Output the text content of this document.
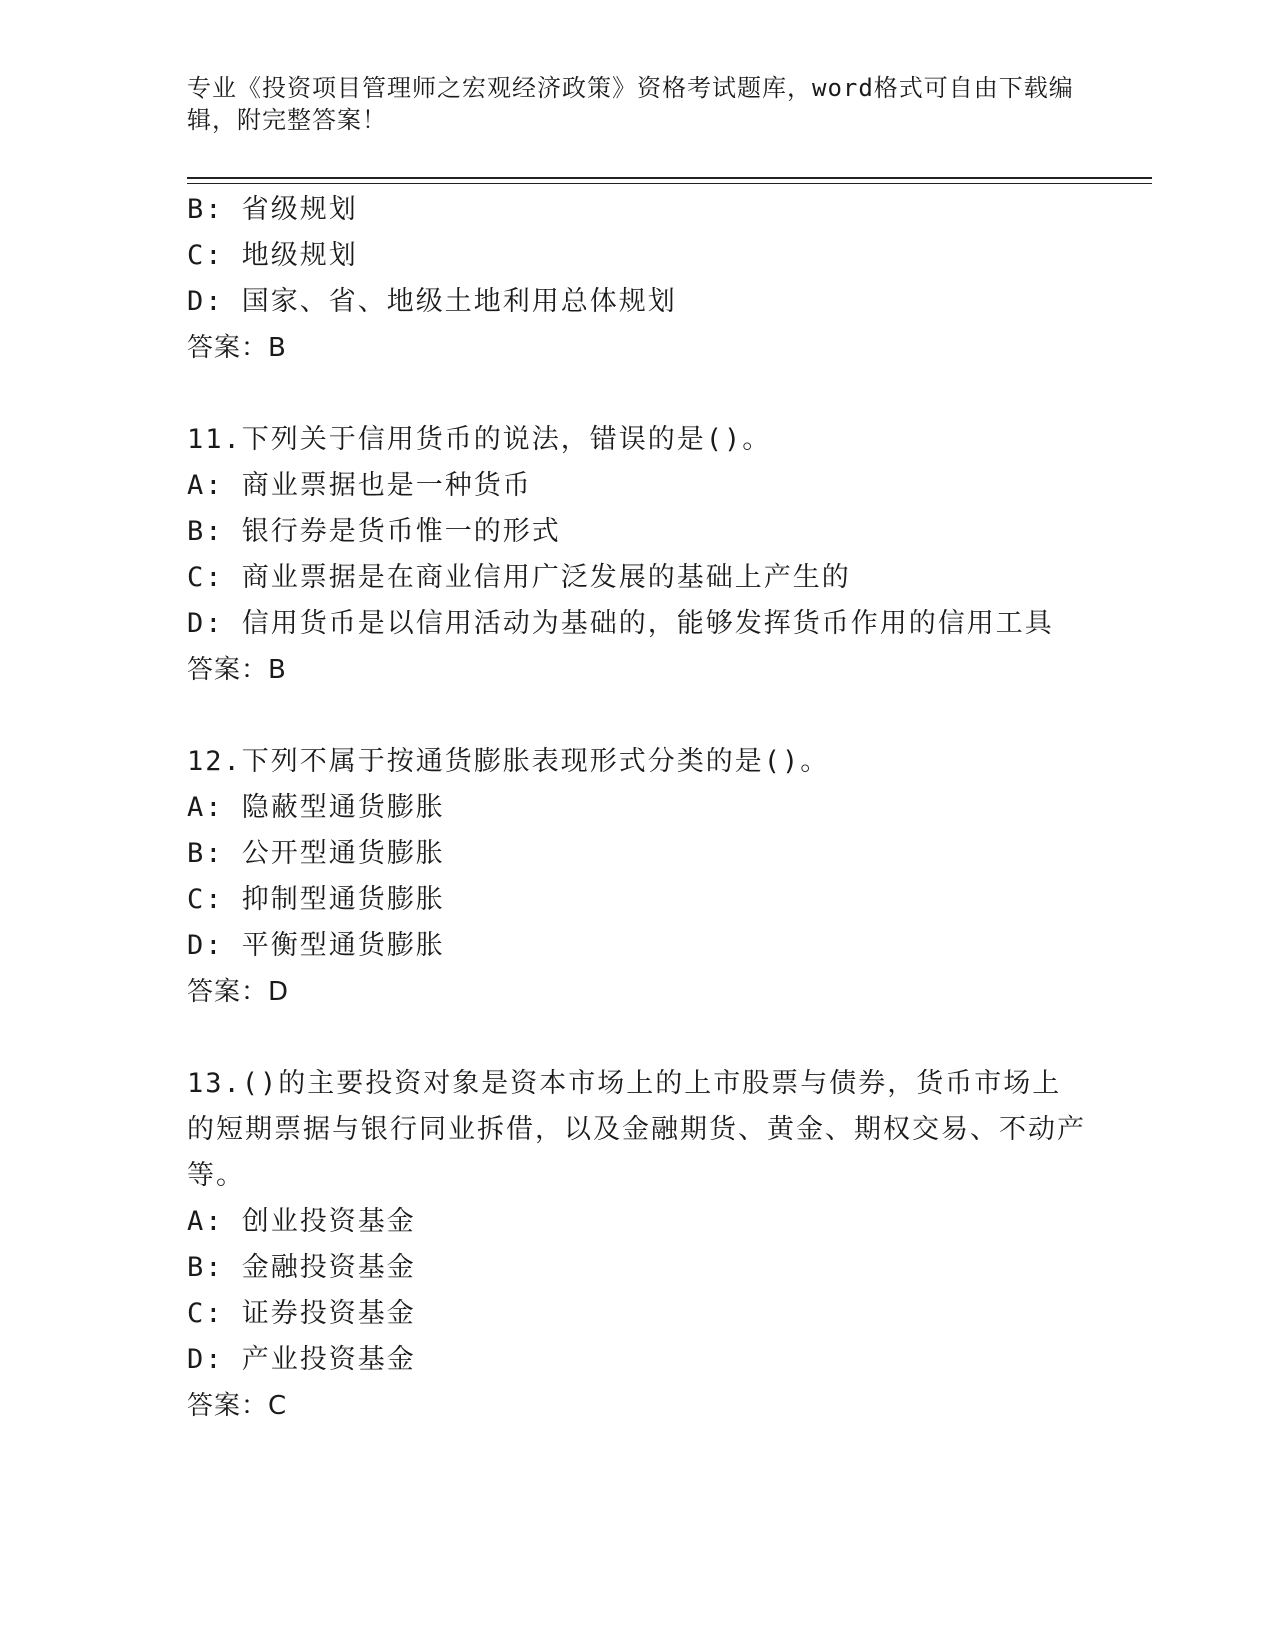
专业《投资项目管理师之宏观经济政策》资格考试题库，word格式可自由下载编辑，附完整答案！
B: 省级规划
C: 地级规划
D: 国家、省、地级土地利用总体规划
答案：B
11.下列关于信用货币的说法，错误的是()。
A: 商业票据也是一种货币
B: 银行券是货币惟一的形式
C: 商业票据是在商业信用广泛发展的基础上产生的
D: 信用货币是以信用活动为基础的，能够发挥货币作用的信用工具
答案：B
12.下列不属于按通货膨胀表现形式分类的是()。
A: 隐蔽型通货膨胀
B: 公开型通货膨胀
C: 抑制型通货膨胀
D: 平衡型通货膨胀
答案：D
13.()的主要投资对象是资本市场上的上市股票与债券，货币市场上的短期票据与银行同业拆借，以及金融期货、黄金、期权交易、不动产等。
A: 创业投资基金
B: 金融投资基金
C: 证券投资基金
D: 产业投资基金
答案：C
